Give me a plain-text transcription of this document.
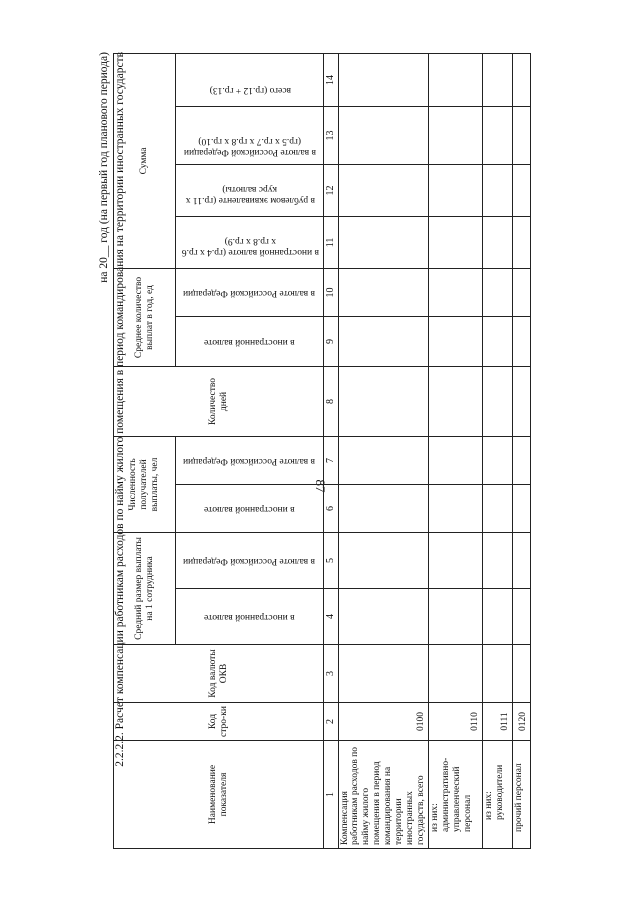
87
2.2.2.2. Расчет компенсации работникам расходов по найму жилого помещения в период командирования на территории иностранных государств
на 20__ год (на первый год планового периода)
Наименование показателя	Код стро-ки	Код валюты ОКВ	Средний размер выплаты на 1 сотрудника		Численность получателей выплаты, чел		Количество дней	Среднее количество выплат в год, ед		Сумма			

			в иностранной валюте	в валюте Российской Федерации	в иностранной валюте	в валюте Российской Федерации		в иностранной валюте	в валюте Российской Федерации	в иностранной валюте (гр.4 х гр.6 х гр.8 х гр.9)	в рублевом эквиваленте (гр.11 х курс валюты)	в валюте Российской Федерации (гр.5 х гр.7 х гр.8 х гр.10)	всего (гр.12 + гр.13)

1	2	3	4	5	6	7	8	9	10	11	12	13	14
Компенсация работникам расходов по найму жилого помещения в период командирования на территории иностранных государств, всего	0100												
из них: административно-управленческий персонал	0110												
из них: руководители	0111												
прочий персонал	0120												
